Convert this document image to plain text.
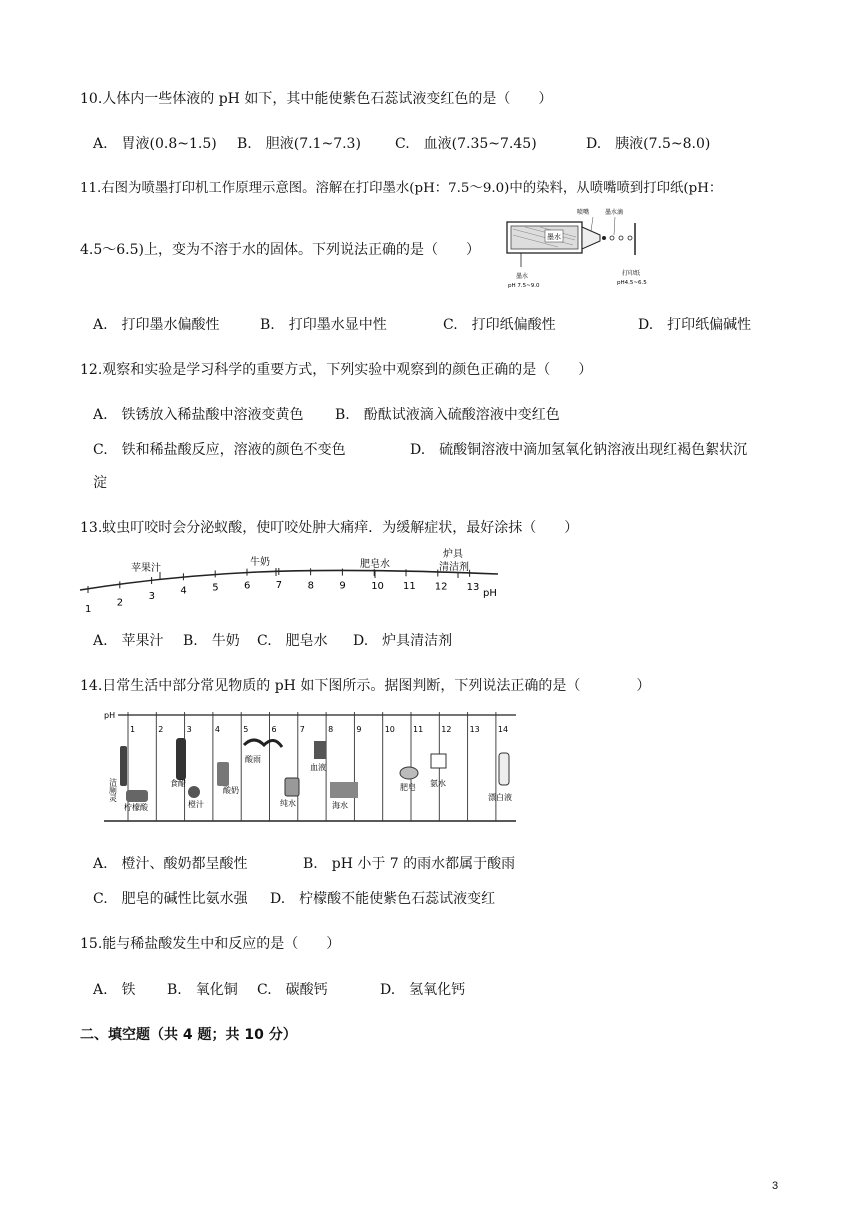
10.人体内一些体液的 pH 如下，其中能使紫色石蕊试液变红色的是（　　）
A.　胃液(0.8~1.5) B.　胆液(7.1~7.3) C.　血液(7.35~7.45)	D.　胰液(7.5~8.0)
11.右图为喷墨打印机工作原理示意图。溶解在打印墨水(pH：7.5～9.0)中的染料，从喷嘴喷到打印纸(pH：
4.5～6.5)上，变为不溶于水的固体。下列说法正确的是（　　）
喷嘴	墨水滴
墨水
墨水
pH 7.5~9.0
打印纸
pH4.5~6.5
A.　打印墨水偏酸性	B.　打印墨水显中性	C.　打印纸偏酸性	D.　打印纸偏碱性
12.观察和实验是学习科学的重要方式，下列实验中观察到的颜色正确的是（　　）
A.　铁锈放入稀盐酸中溶液变黄色 B.　酚酞试液滴入硫酸溶液中变红色
C.　铁和稀盐酸反应，溶液的颜色不变色	D.　硫酸铜溶液中滴加氢氧化钠溶液出现红褐色絮状沉
淀
13.蚊虫叮咬时会分泌蚁酸，使叮咬处肿大痛痒．为缓解症状，最好涂抹（　　）
苹果汁
牛奶	肥皂水
炉具
清洁剂
1
2
3
4	5	6	7	8	9	10 11 12 13
pH
A.　苹果汁 B.　牛奶 C.　肥皂水 D.　炉具清洁剂
14.日常生活中部分常见物质的 pH 如下图所示。据图判断，下列说法正确的是（　　　　）
pH
1	2	3	4	5	6	7	8	9	10 11 12 13 14
洁厕灵
柠檬酸
食醋
橙汁
酸奶
酸雨
纯水
血液
海水
肥皂 氨水
漂白液
A.　橙汁、酸奶都呈酸性	B.　pH 小于 7 的雨水都属于酸雨
C.　肥皂的碱性比氨水强 D.　柠檬酸不能使紫色石蕊试液变红
15.能与稀盐酸发生中和反应的是（　　）
A.　铁 B.　氧化铜 C.　碳酸钙	D.　氢氧化钙
二、填空题（共 4 题；共 10 分）
3
